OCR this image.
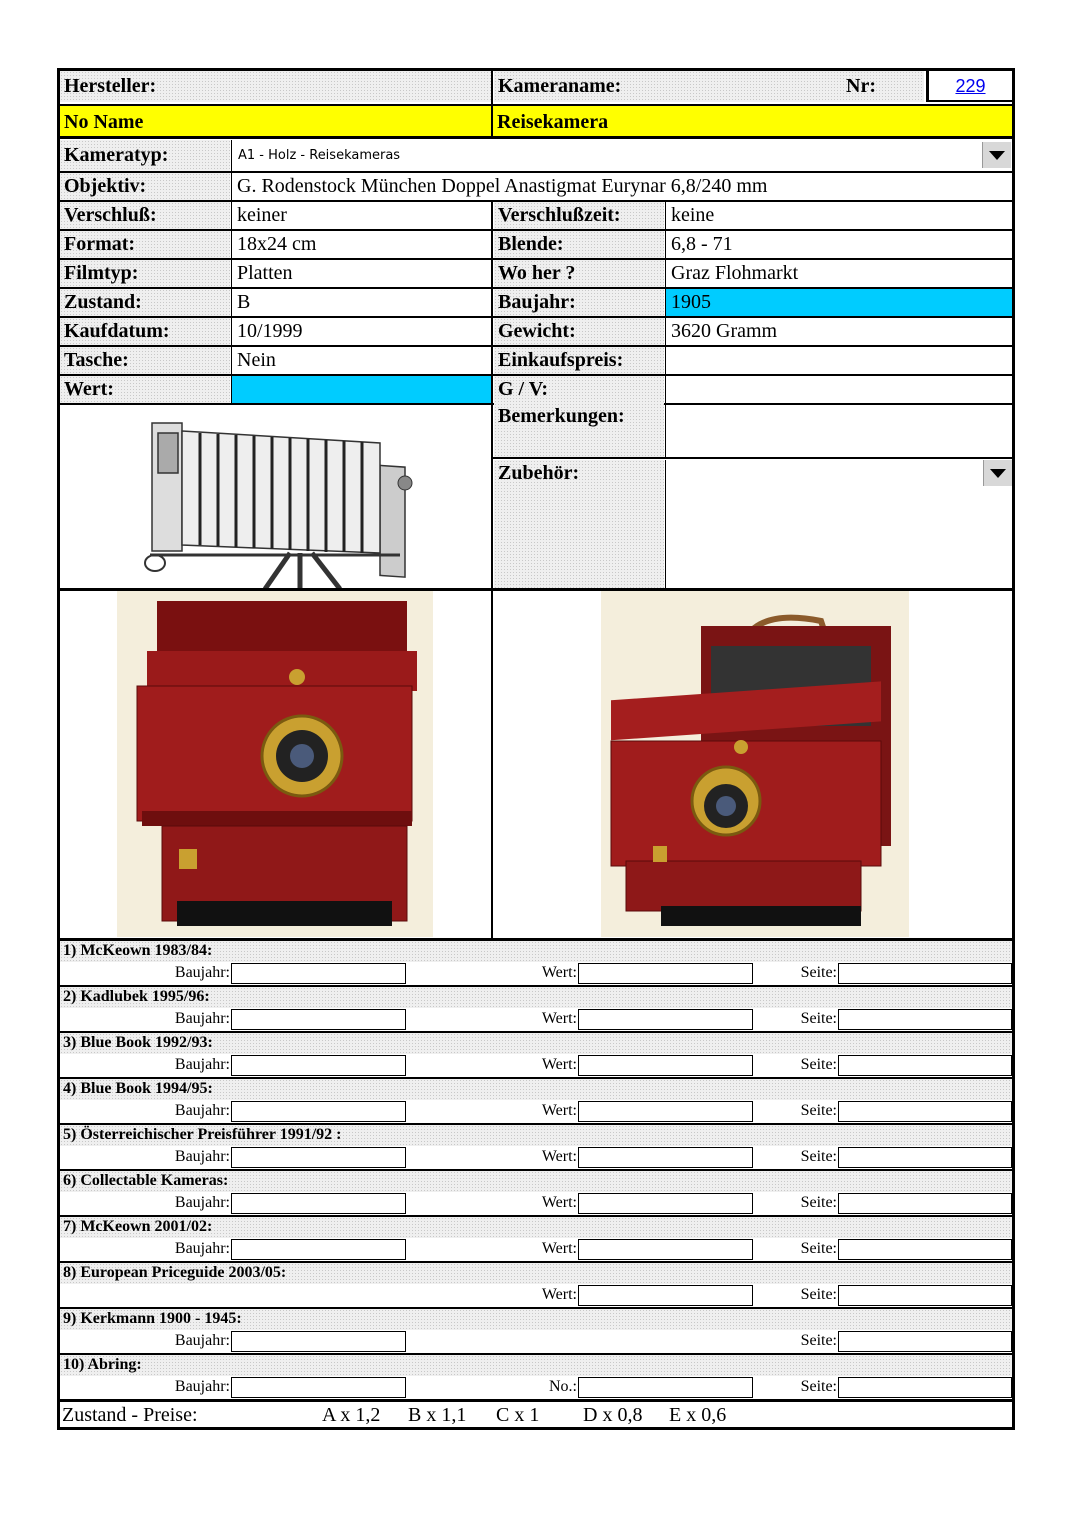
Hersteller:	Kameraname:	Nr:	229
No Name	Reisekamera
Kameratyp:	A1 - Holz - Reisekameras
Objektiv:	G. Rodenstock München Doppel Anastigmat Eurynar 6,8/240 mm
Verschluß:	keiner	Verschlußzeit:	keine
Format:	18x24 cm	Blende:	6,8 - 71
Filmtyp:	Platten	Wo her ?	Graz Flohmarkt
Zustand:	B	Baujahr:	1905
Kaufdatum:	10/1999	Gewicht:	3620 Gramm
Tasche:	Nein	Einkaufspreis:
Wert:	G / V:
Bemerkungen:
Zubehör:
1) McKeown 1983/84:
Baujahr:	Wert:	Seite:
2) Kadlubek 1995/96:
Baujahr:	Wert:	Seite:
3) Blue Book 1992/93:
Baujahr:	Wert:	Seite:
4) Blue Book 1994/95:
Baujahr:	Wert:	Seite:
5) Österreichischer Preisführer 1991/92 :
Baujahr:	Wert:	Seite:
6) Collectable Kameras:
Baujahr:	Wert:	Seite:
7) McKeown 2001/02:
Baujahr:	Wert:	Seite:
8) European Priceguide 2003/05:
Wert:	Seite:
9) Kerkmann 1900 - 1945:
Baujahr:	Seite:
10) Abring:
Baujahr:	No.:	Seite:
Zustand - Preise:	A x 1,2 B x 1,1 C x 1 D x 0,8 E x 0,6
